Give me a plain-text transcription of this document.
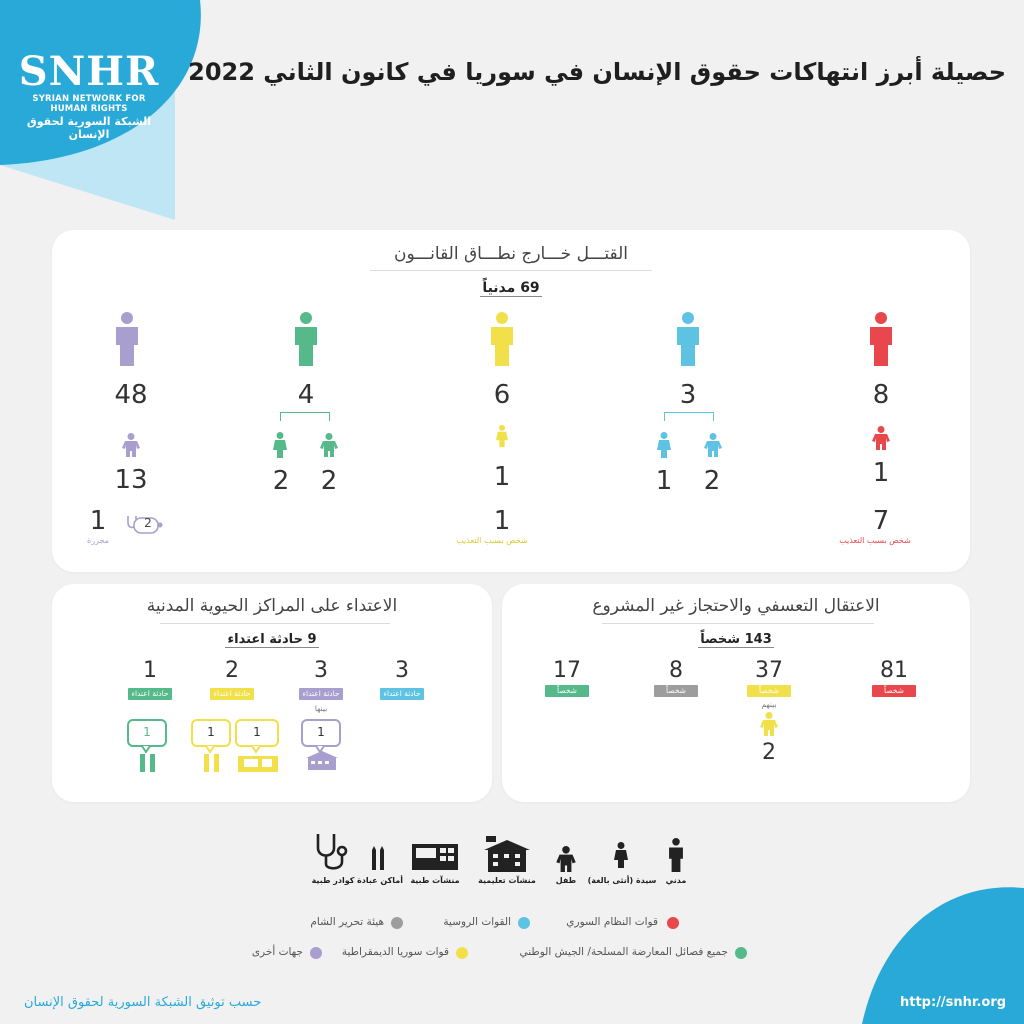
SNHR
SYRIAN NETWORK FOR HUMAN RIGHTS
الشبكة السورية لحقوق الإنسان
حصيلة أبرز انتهاكات حقوق الإنسان في سوريا في كانون الثاني 2022
القتـــل خـــارج نطـــاق القانـــون
69 مدنياً
48	4	6	3	8
13	2	2	1	1	2	1
1
مجزرة
2	1
شخص بسبب التعذيب
7
شخص بسبب التعذيب
الاعتداء على المراكز الحيوية المدنية
9 حادثة اعتداء
3
حادثة اعتداء
3
حادثة اعتداء
بينها
2
حادثة اعتداء
1
حادثة اعتداء
1
1	1
1
الاعتقال التعسفي والاحتجاز غير المشروع
143 شخصاً
81
شخصاً
37
شخصاً
بينهم
2
8
شخصاً
17
شخصاً
مدني
سيدة (أنثى بالغة)
طفل
منشآت تعليمية
منشآت طبية
أماكن عبادة
كوادر طبية
قوات النظام السوري
القوات الروسية
هيئة تحرير الشام
جميع فصائل المعارضة المسلحة/ الجيش الوطني
قوات سوريا الديمقراطية
جهات أخرى
حسب توثيق الشبكة السورية لحقوق الإنسان	http://snhr.org
